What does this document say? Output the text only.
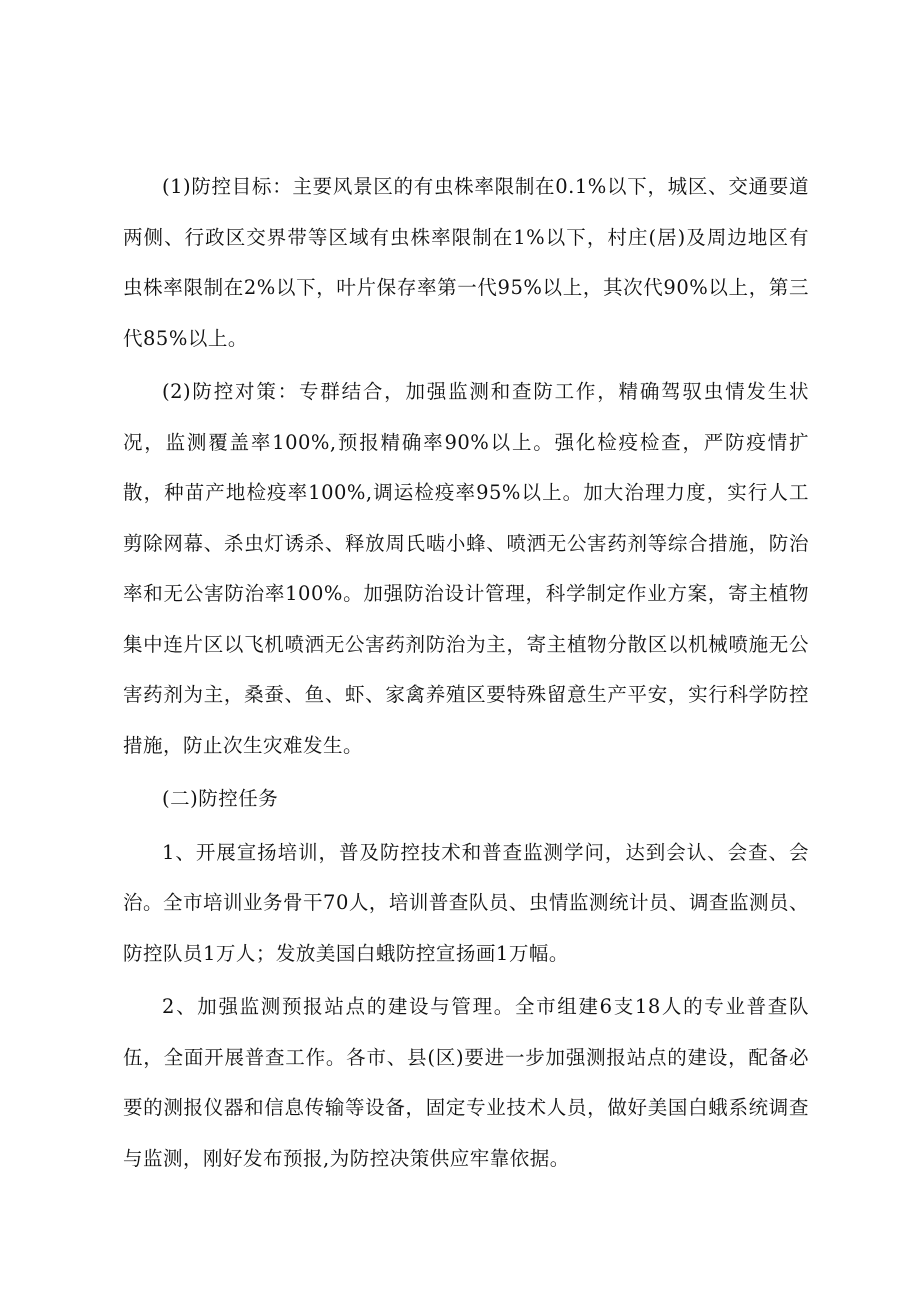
(1)防控目标：主要风景区的有虫株率限制在0.1%以下，城区、交通要道两侧、行政区交界带等区域有虫株率限制在1%以下，村庄(居)及周边地区有虫株率限制在2%以下，叶片保存率第一代95%以上，其次代90%以上，第三代85%以上。

(2)防控对策：专群结合，加强监测和查防工作，精确驾驭虫情发生状况，监测覆盖率100%,预报精确率90%以上。强化检疫检查，严防疫情扩散，种苗产地检疫率100%,调运检疫率95%以上。加大治理力度，实行人工剪除网幕、杀虫灯诱杀、释放周氏啮小蜂、喷洒无公害药剂等综合措施，防治率和无公害防治率100%。加强防治设计管理，科学制定作业方案，寄主植物集中连片区以飞机喷洒无公害药剂防治为主，寄主植物分散区以机械喷施无公害药剂为主，桑蚕、鱼、虾、家禽养殖区要特殊留意生产平安，实行科学防控措施，防止次生灾难发生。

(二)防控任务

1、开展宣扬培训，普及防控技术和普查监测学问，达到会认、会查、会治。全市培训业务骨干70人，培训普查队员、虫情监测统计员、调查监测员、防控队员1万人；发放美国白蛾防控宣扬画1万幅。

2、加强监测预报站点的建设与管理。全市组建6支18人的专业普查队伍，全面开展普查工作。各市、县(区)要进一步加强测报站点的建设，配备必要的测报仪器和信息传输等设备，固定专业技术人员，做好美国白蛾系统调查与监测，刚好发布预报,为防控决策供应牢靠依据。
